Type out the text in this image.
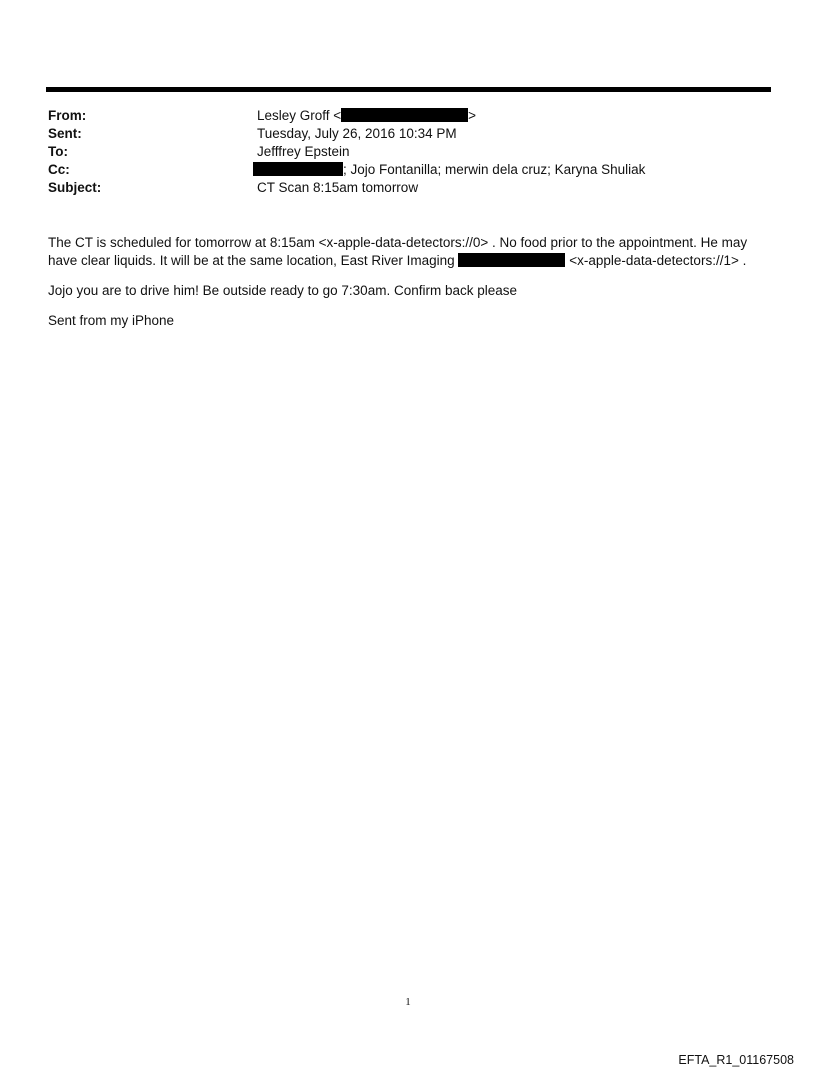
From:	Lesley Groff <	>
Sent:	Tuesday, July 26, 2016 10:34 PM
To:	Jefffrey Epstein
Cc:	; Jojo Fontanilla; merwin dela cruz; Karyna Shuliak
Subject:	CT Scan 8:15am tomorrow

The CT is scheduled for tomorrow at 8:15am <x-apple-data-detectors://0> . No food prior to the appointment. He may
have clear liquids. It will be at the same location, East River Imaging	<x-apple-data-detectors://1> .

Jojo you are to drive him! Be outside ready to go 7:30am. Confirm back please

Sent from my iPhone

1
EFTA_R1_01167508
